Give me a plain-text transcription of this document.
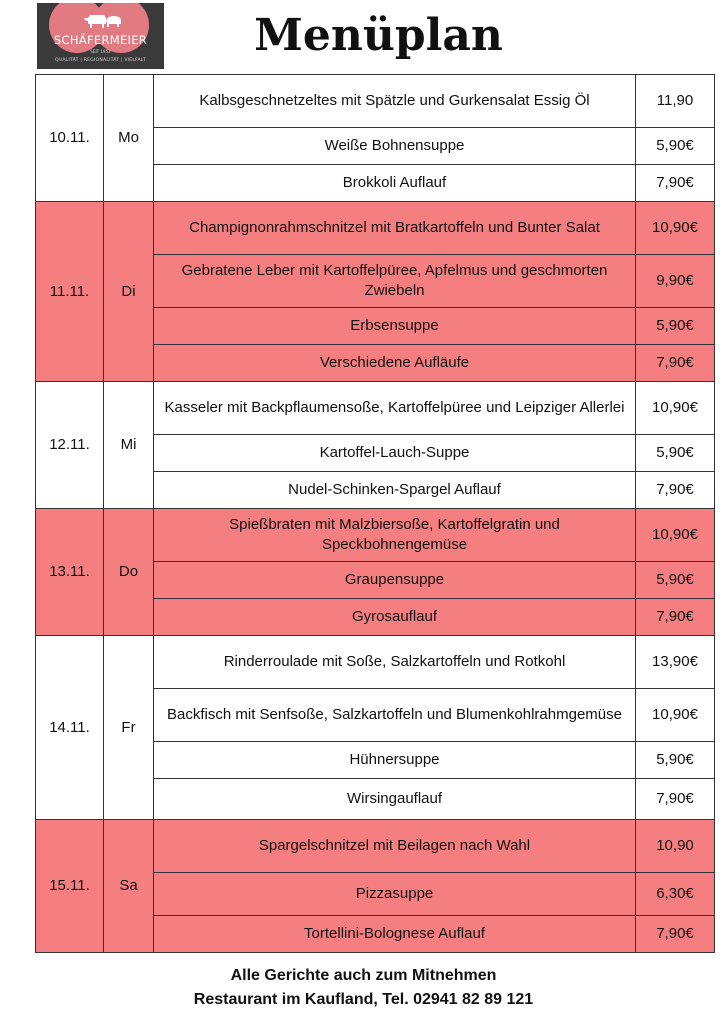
SCHÄFERMEIER
SEIT 1953
QUALITÄT | REGIONALITÄT | VIELFALT	Menüplan
10.11.	Mo	Kalbsgeschnetzeltes mit Spätzle und Gurkensalat Essig Öl	11,90
		Weiße Bohnensuppe	5,90€
		Brokkoli Auflauf	7,90€
11.11.	Di	Champignonrahmschnitzel mit Bratkartoffeln und Bunter Salat	10,90€
		Gebratene Leber mit Kartoffelpüree, Apfelmus und geschmorten Zwiebeln	9,90€
		Erbsensuppe	5,90€
		Verschiedene Aufläufe	7,90€
12.11.	Mi	Kasseler mit Backpflaumensoße, Kartoffelpüree und Leipziger Allerlei	10,90€
		Kartoffel-Lauch-Suppe	5,90€
		Nudel-Schinken-Spargel Auflauf	7,90€
13.11.	Do	Spießbraten mit Malzbiersoße, Kartoffelgratin und Speckbohnengemüse	10,90€
		Graupensuppe	5,90€
		Gyrosauflauf	7,90€
14.11.	Fr	Rinderroulade mit Soße, Salzkartoffeln und Rotkohl	13,90€
		Backfisch mit Senfsoße, Salzkartoffeln und Blumenkohlrahmgemüse	10,90€
		Hühnersuppe	5,90€
		Wirsingauflauf	7,90€
15.11.	Sa	Spargelschnitzel mit Beilagen nach Wahl	10,90
		Pizzasuppe	6,30€
		Tortellini-Bolognese Auflauf	7,90€
Alle Gerichte auch zum Mitnehmen
Restaurant im Kaufland, Tel. 02941 82 89 121
